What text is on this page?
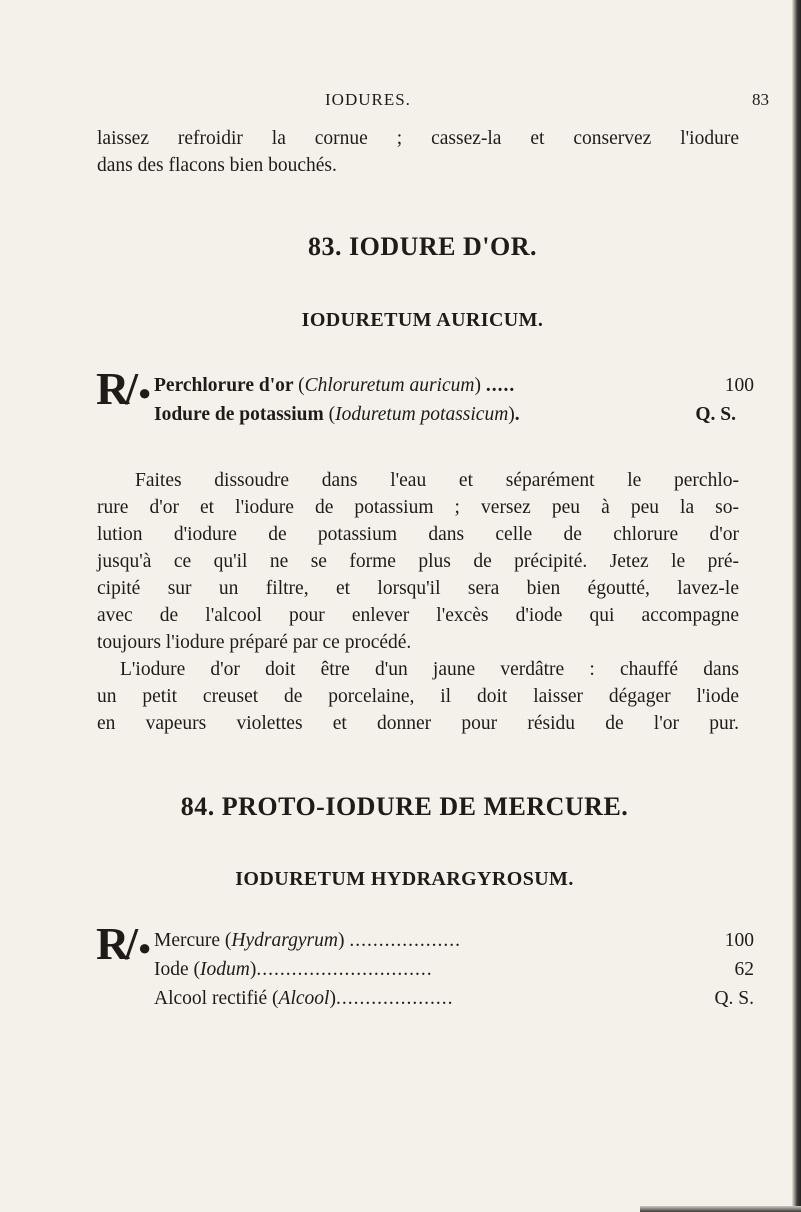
IODURES.	83

laissez refroidir la cornue ; cassez-la et conservez l'iodure
dans des flacons bien bouchés.

83. IODURE D'OR.
IODURETUM AURICUM.
R/ ● Perchlorure d'or (Chloruretum auricum) .....	100
Iodure de potassium (Ioduretum potassicum).	Q. S.

Faites dissoudre dans l'eau et séparément le perchlo-
rure d'or et l'iodure de potassium ; versez peu à peu la so-
lution d'iodure de potassium dans celle de chlorure d'or
jusqu'à ce qu'il ne se forme plus de précipité. Jetez le pré-
cipité sur un filtre, et lorsqu'il sera bien égoutté, lavez-le
avec de l'alcool pour enlever l'excès d'iode qui accompagne
toujours l'iodure préparé par ce procédé.

L'iodure d'or doit être d'un jaune verdâtre : chauffé dans
un petit creuset de porcelaine, il doit laisser dégager l'iode
en vapeurs violettes et donner pour résidu de l'or pur.

84. PROTO-IODURE DE MERCURE.
IODURETUM HYDRARGYROSUM.
R/ ● Mercure (Hydrargyrum) ...................	100
Iode (Iodum)..............................	62
Alcool rectifié (Alcool)....................	Q. S.
